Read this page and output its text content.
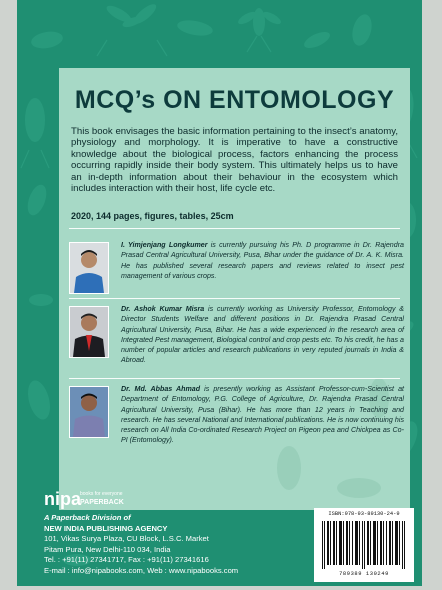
MCQ’s ON ENTOMOLOGY
This book envisages the basic information pertaining to the insect’s anatomy, physiology and morphology. It is imperative to have a constructive knowledge about the biological process, factors enhancing the process occurring rapidly inside their body system. This ultimately helps us to have an in-depth information about their behaviour in the ecosystem which includes interaction with their host, life cycle etc.
2020, 144 pages, figures, tables, 25cm
I. Yimjenjang Longkumer is currently pursuing his Ph. D programme in Dr. Rajendra Prasad Central Agricultural University, Pusa, Bihar under the guidance of Dr. A. K. Misra. He has published several research papers and reviews related to insect pest management of various crops.
Dr. Ashok Kumar Misra is currently working as University Professor, Entomology & Director Students Welfare and different positions in Dr. Rajendra Prasad Central Agricultural University, Pusa, Bihar. He has a wide experienced in the research area of Integrated Pest management, Biological control and crop pests etc. To his credit, he has a number of popular articles and research publications in very reputed journals in India & Abroad.
Dr. Md. Abbas Ahmad is presently working as Assistant Professor-cum-Scientist at Department of Entomology, P.G. College of Agriculture, Dr. Rajendra Prasad Central Agricultural University, Pusa (Bihar). He has more than 12 years in Teaching and research. He has several National and International publications. He is now continuing his research on All India Co-ordinated Research Project on Pigeon pea and Chickpea as Co-PI (Entomology).
nipa
books for everyone
PAPERBACKS
A Paperback Division of
NEW INDIA PUBLISHING AGENCY
101, Vikas Surya Plaza, CU Block, L.S.C. Market
Pitam Pura, New Delhi-110 034, India
Tel. : +91(11) 27341717, Fax : +91(11) 27341616
E-mail : info@nipabooks.com, Web : www.nipabooks.com
ISBN:978-93-89130-24-9
789389 130249
